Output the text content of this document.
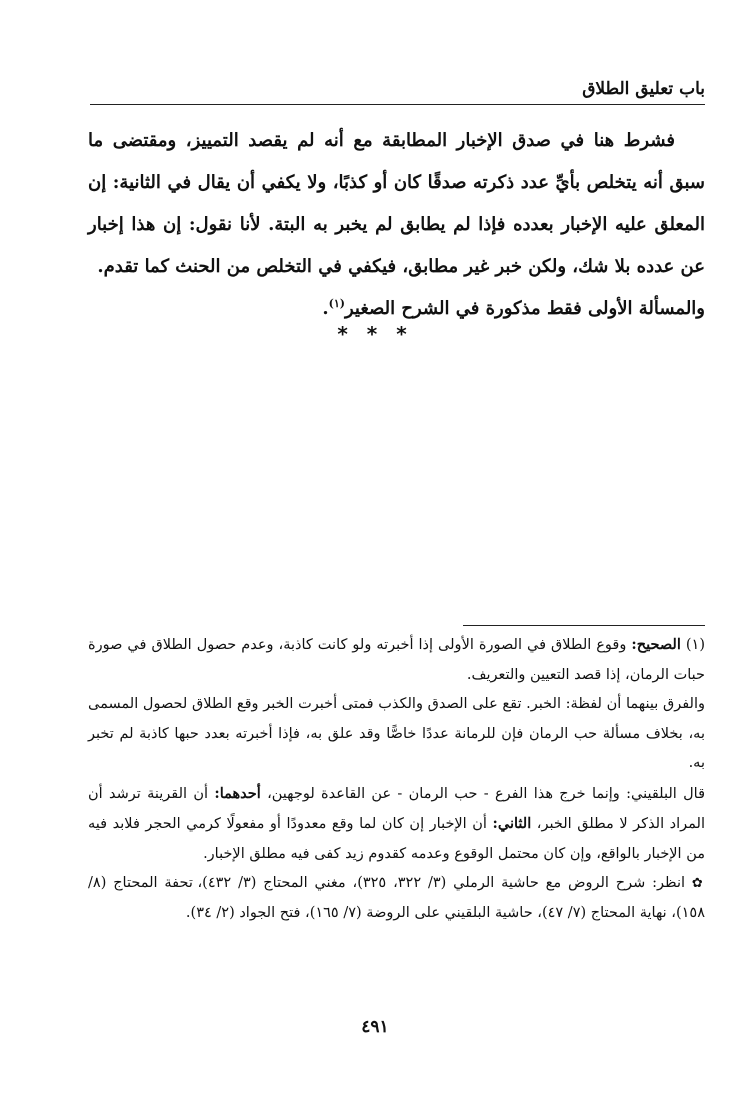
باب تعليق الطلاق

فشرط هنا في صدق الإخبار المطابقة مع أنه لم يقصد التمييز، ومقتضى ما سبق أنه يتخلص بأيِّ عدد ذكرته صدقًا كان أو كذبًا، ولا يكفي أن يقال في الثانية: إن المعلق عليه الإخبار بعدده فإذا لم يطابق لم يخبر به البتة. لأنا نقول: إن هذا إخبار عن عدده بلا شك، ولكن خبر غير مطابق، فيكفي في التخلص من الحنث كما تقدم.

والمسألة الأولى فقط مذكورة في الشرح الصغير$^{(١)}$.

* * *

(١) الصحيح: وقوع الطلاق في الصورة الأولى إذا أخبرته ولو كانت كاذبة، وعدم حصول الطلاق في صورة حبات الرمان، إذا قصد التعيين والتعريف.

والفرق بينهما أن لفظة: الخبر. تقع على الصدق والكذب فمتى أخبرت الخبر وقع الطلاق لحصول المسمى به، بخلاف مسألة حب الرمان فإن للرمانة عددًا خاصًّا وقد علق به، فإذا أخبرته بعدد حبها كاذبة لم تخبر به.

قال البلقيني: وإنما خرج هذا الفرع - حب الرمان - عن القاعدة لوجهين، أحدهما: أن القرينة ترشد أن المراد الذكر لا مطلق الخبر، الثاني: أن الإخبار إن كان لما وقع معدودًا أو مفعولًا كرمي الحجر فلابد فيه من الإخبار بالواقع، وإن كان محتمل الوقوع وعدمه كقدوم زيد كفى فيه مطلق الإخبار.

✿ انظر: شرح الروض مع حاشية الرملي (٣/ ٣٢٢، ٣٢٥)، مغني المحتاج (٣/ ٤٣٢)، تحفة المحتاج (٨/ ١٥٨)، نهاية المحتاج (٧/ ٤٧)، حاشية البلقيني على الروضة (٧/ ١٦٥)، فتح الجواد (٢/ ٣٤).

٤٩١
